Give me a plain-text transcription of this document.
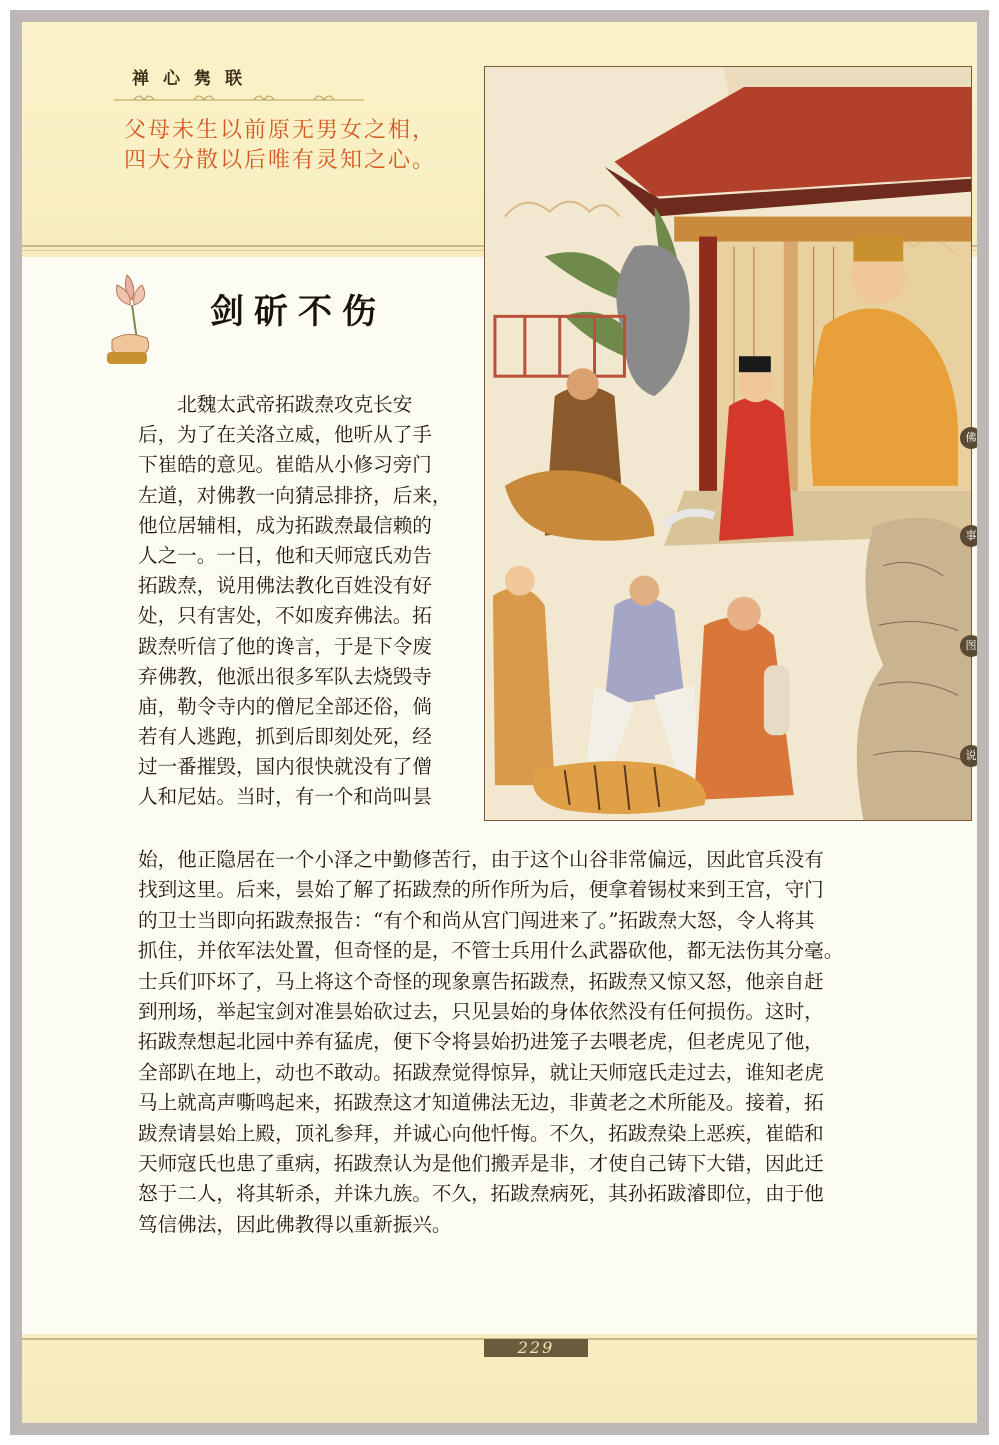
禅心隽联
父母未生以前原无男女之相，
四大分散以后唯有灵知之心。
佛
事
图
说
剑斫不伤
　　北魏太武帝拓跋焘攻克长安
后，为了在关洛立威，他听从了手
下崔皓的意见。崔皓从小修习旁门
左道，对佛教一向猜忌排挤，后来，
他位居辅相，成为拓跋焘最信赖的
人之一。一日，他和天师寇氏劝告
拓跋焘，说用佛法教化百姓没有好
处，只有害处，不如废弃佛法。拓
跋焘听信了他的谗言，于是下令废
弃佛教，他派出很多军队去烧毁寺
庙，勒令寺内的僧尼全部还俗，倘
若有人逃跑，抓到后即刻处死，经
过一番摧毁，国内很快就没有了僧
人和尼姑。当时，有一个和尚叫昙
始，他正隐居在一个小泽之中勤修苦行，由于这个山谷非常偏远，因此官兵没有
找到这里。后来，昙始了解了拓跋焘的所作所为后，便拿着锡杖来到王宫，守门
的卫士当即向拓跋焘报告：“有个和尚从宫门闯进来了。”拓跋焘大怒，令人将其
抓住，并依军法处置，但奇怪的是，不管士兵用什么武器砍他，都无法伤其分毫。
士兵们吓坏了，马上将这个奇怪的现象禀告拓跋焘，拓跋焘又惊又怒，他亲自赶
到刑场，举起宝剑对准昙始砍过去，只见昙始的身体依然没有任何损伤。这时，
拓跋焘想起北园中养有猛虎，便下令将昙始扔进笼子去喂老虎，但老虎见了他，
全部趴在地上，动也不敢动。拓跋焘觉得惊异，就让天师寇氏走过去，谁知老虎
马上就高声嘶鸣起来，拓跋焘这才知道佛法无边，非黄老之术所能及。接着，拓
跋焘请昙始上殿，顶礼参拜，并诚心向他忏悔。不久，拓跋焘染上恶疾，崔皓和
天师寇氏也患了重病，拓跋焘认为是他们搬弄是非，才使自己铸下大错，因此迁
怒于二人，将其斩杀，并诛九族。不久，拓跋焘病死，其孙拓跋濬即位，由于他
笃信佛法，因此佛教得以重新振兴。
229
